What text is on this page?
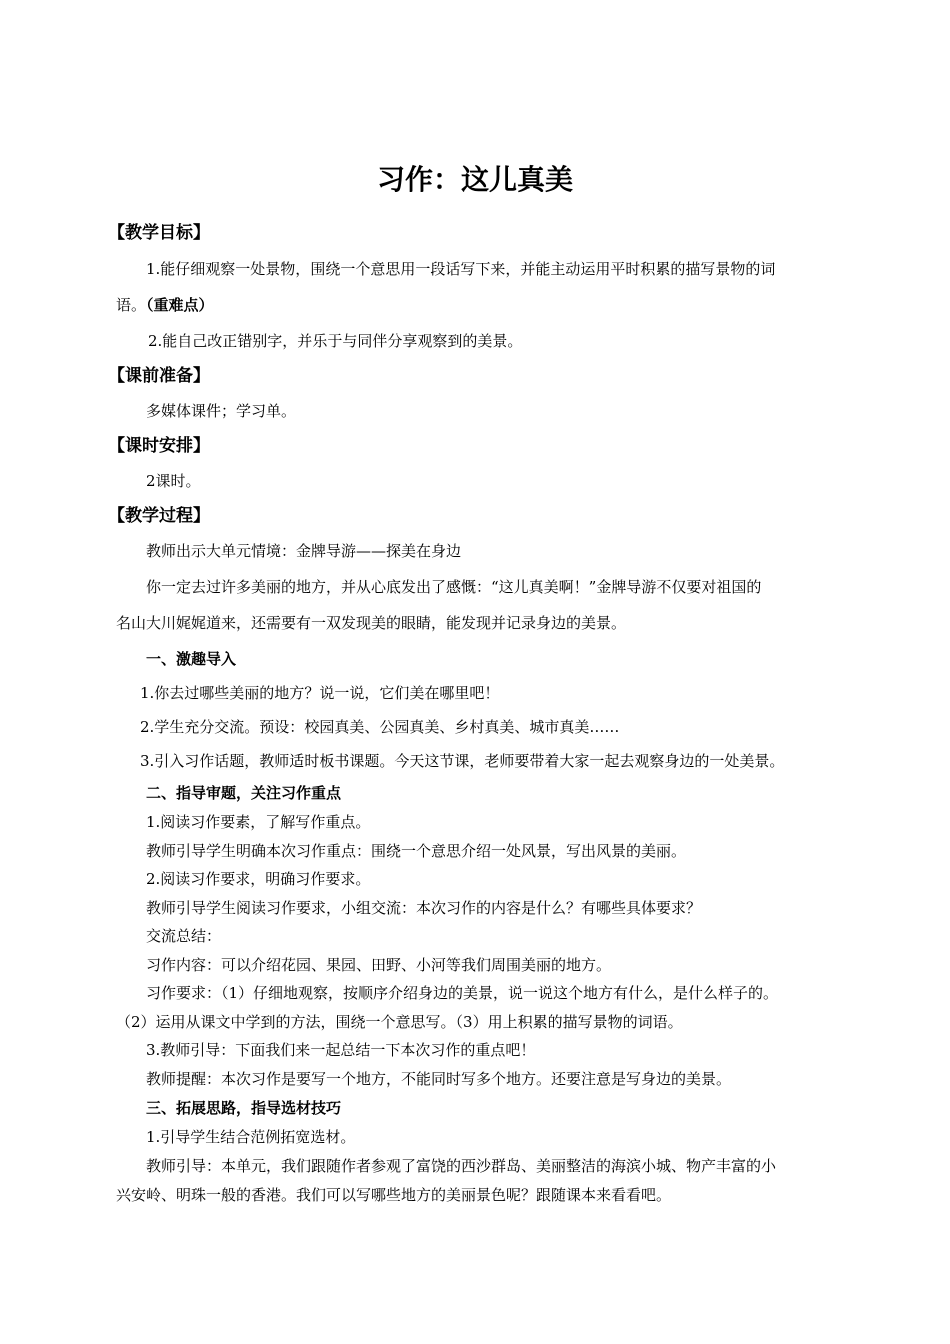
习作：这儿真美
【教学目标】
1.能仔细观察一处景物，围绕一个意思用一段话写下来，并能主动运用平时积累的描写景物的词
语。（重难点）
2.能自己改正错别字，并乐于与同伴分享观察到的美景。
【课前准备】
多媒体课件；学习单。
【课时安排】
2课时。
【教学过程】
教师出示大单元情境：金牌导游——探美在身边
你一定去过许多美丽的地方，并从心底发出了感慨：“这儿真美啊！”金牌导游不仅要对祖国的
名山大川娓娓道来，还需要有一双发现美的眼睛，能发现并记录身边的美景。
一、激趣导入
1.你去过哪些美丽的地方？说一说，它们美在哪里吧！
2.学生充分交流。预设：校园真美、公园真美、乡村真美、城市真美……
3.引入习作话题，教师适时板书课题。今天这节课，老师要带着大家一起去观察身边的一处美景。
二、指导审题，关注习作重点
1.阅读习作要素，了解写作重点。
教师引导学生明确本次习作重点：围绕一个意思介绍一处风景，写出风景的美丽。
2.阅读习作要求，明确习作要求。
教师引导学生阅读习作要求，小组交流：本次习作的内容是什么？有哪些具体要求？
交流总结：
习作内容：可以介绍花园、果园、田野、小河等我们周围美丽的地方。
习作要求：（1）仔细地观察，按顺序介绍身边的美景，说一说这个地方有什么，是什么样子的。
（2）运用从课文中学到的方法，围绕一个意思写。（3）用上积累的描写景物的词语。
3.教师引导：下面我们来一起总结一下本次习作的重点吧！
教师提醒：本次习作是要写一个地方，不能同时写多个地方。还要注意是写身边的美景。
三、拓展思路，指导选材技巧
1.引导学生结合范例拓宽选材。
教师引导：本单元，我们跟随作者参观了富饶的西沙群岛、美丽整洁的海滨小城、物产丰富的小
兴安岭、明珠一般的香港。我们可以写哪些地方的美丽景色呢？跟随课本来看看吧。
